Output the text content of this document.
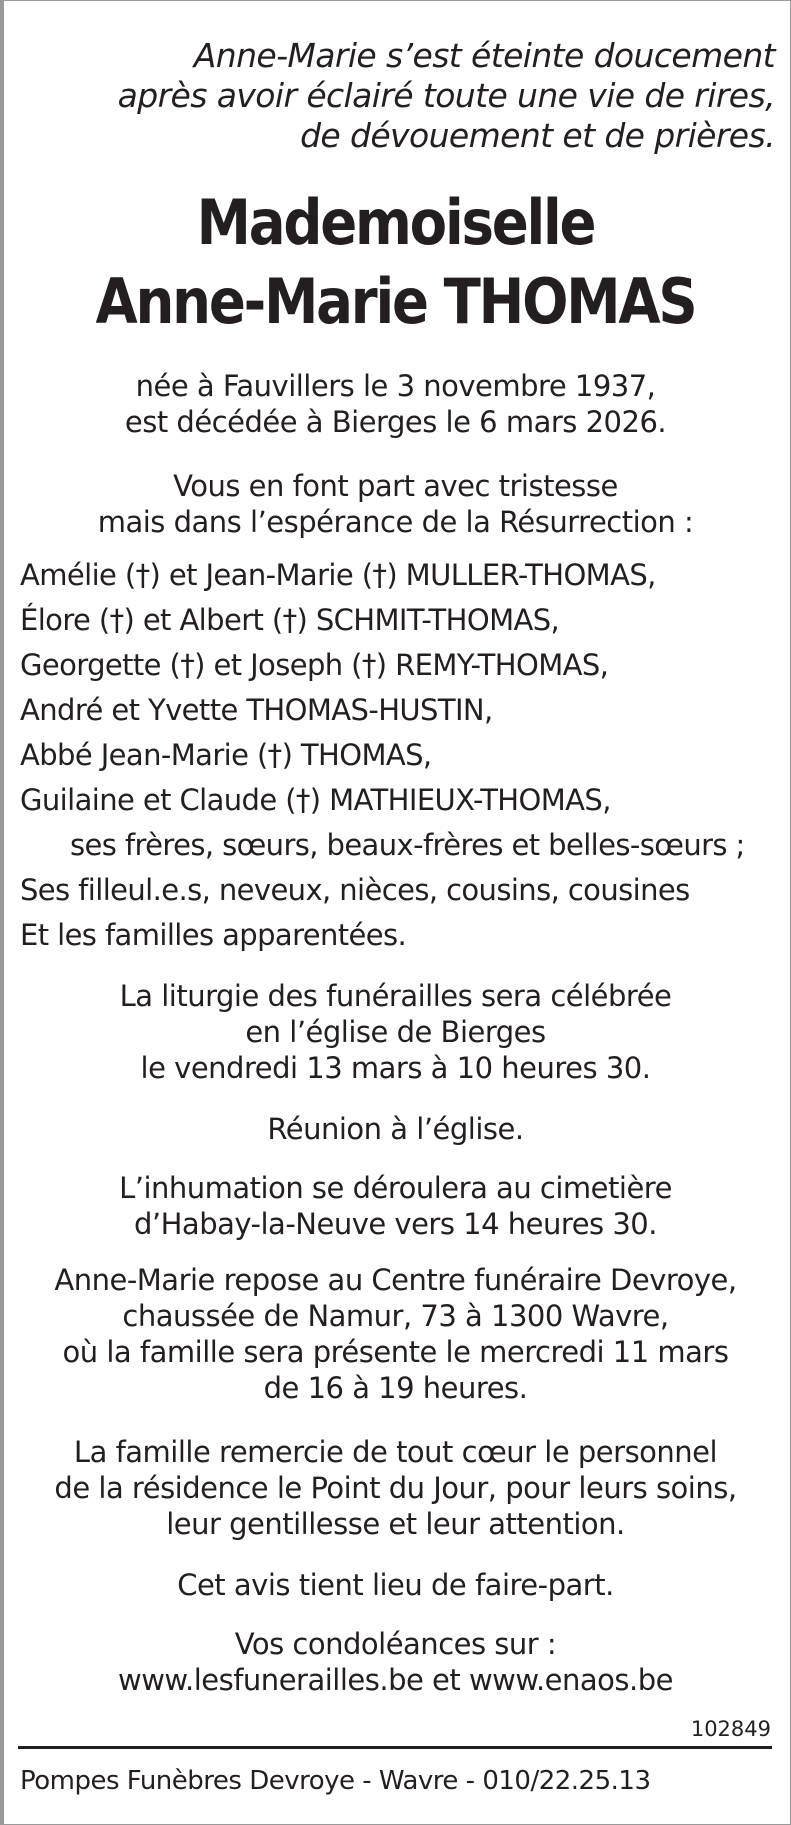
Anne-Marie s’est éteinte doucement
après avoir éclairé toute une vie de rires,
de dévouement et de prières.
Mademoiselle
Anne-Marie THOMAS
née à Fauvillers le 3 novembre 1937,
est décédée à Bierges le 6 mars 2026.
Vous en font part avec tristesse
mais dans l’espérance de la Résurrection :
Amélie (†) et Jean-Marie (†) MULLER-THOMAS,
Élore (†) et Albert (†) SCHMIT-THOMAS,
Georgette (†) et Joseph (†) REMY-THOMAS,
André et Yvette THOMAS-HUSTIN,
Abbé Jean-Marie (†) THOMAS,
Guilaine et Claude (†) MATHIEUX-THOMAS,
ses frères, sœurs, beaux-frères et belles-sœurs ;
Ses filleul.e.s, neveux, nièces, cousins, cousines
Et les familles apparentées.
La liturgie des funérailles sera célébrée
en l’église de Bierges
le vendredi 13 mars à 10 heures 30.
Réunion à l’église.
L’inhumation se déroulera au cimetière
d’Habay-la-Neuve vers 14 heures 30.
Anne-Marie repose au Centre funéraire Devroye,
chaussée de Namur, 73 à 1300 Wavre,
où la famille sera présente le mercredi 11 mars
de 16 à 19 heures.
La famille remercie de tout cœur le personnel
de la résidence le Point du Jour, pour leurs soins,
leur gentillesse et leur attention.
Cet avis tient lieu de faire-part.
Vos condoléances sur :
www.lesfunerailles.be et www.enaos.be
102849
Pompes Funèbres Devroye - Wavre - 010/22.25.13
